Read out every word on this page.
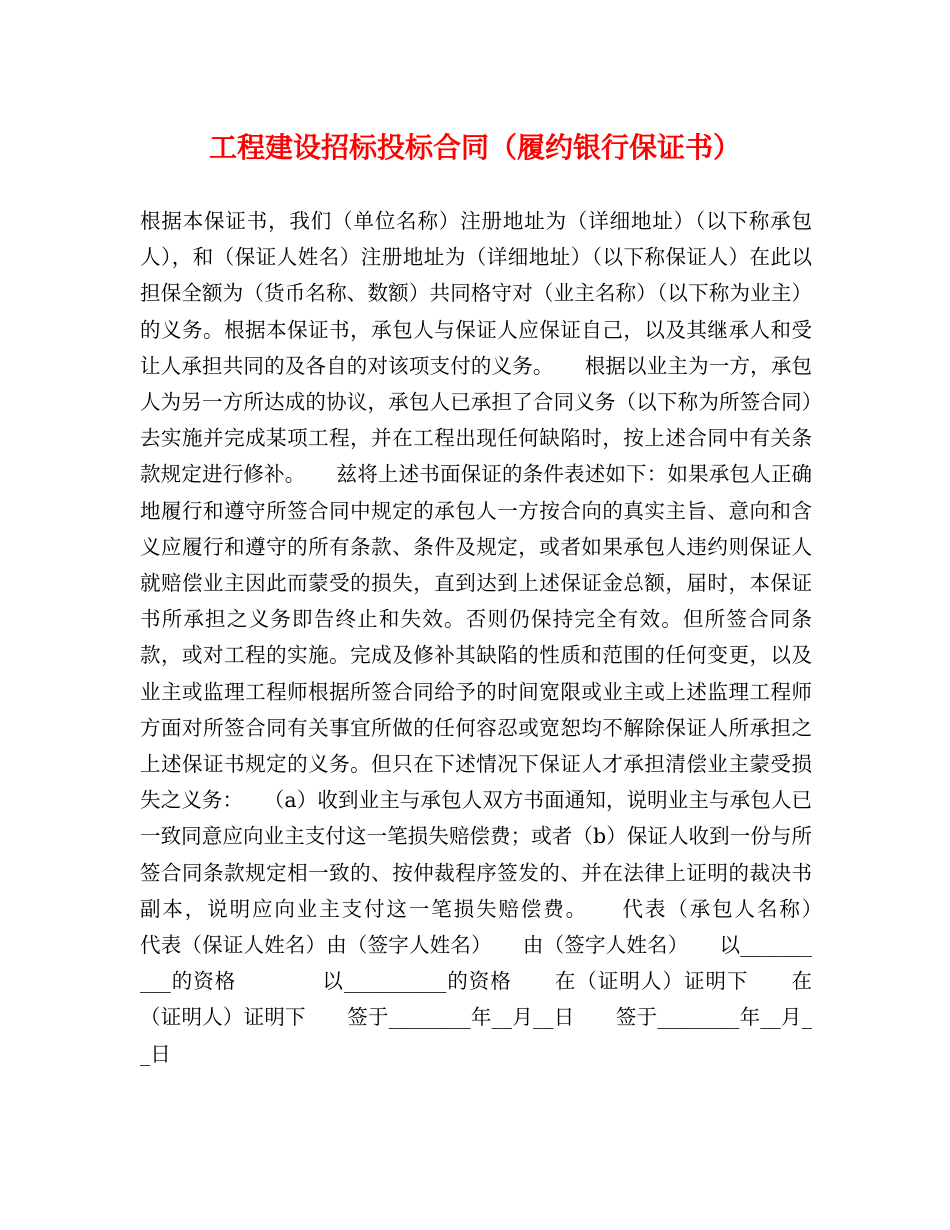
工程建设招标投标合同（履约银行保证书）

根据本保证书，我们（单位名称）注册地址为（详细地址）（以下称承包人），和（保证人姓名）注册地址为（详细地址）（以下称保证人）在此以担保全额为（货币名称、数额）共同格守对（业主名称）（以下称为业主）的义务。根据本保证书，承包人与保证人应保证自己，以及其继承人和受让人承担共同的及各自的对该项支付的义务。　　根据以业主为一方，承包人为另一方所达成的协议，承包人已承担了合同义务（以下称为所签合同）去实施并完成某项工程，并在工程出现任何缺陷时，按上述合同中有关条款规定进行修补。　　兹将上述书面保证的条件表述如下：如果承包人正确地履行和遵守所签合同中规定的承包人一方按合向的真实主旨、意向和含义应履行和遵守的所有条款、条件及规定，或者如果承包人违约则保证人就赔偿业主因此而蒙受的损失，直到达到上述保证金总额，届时，本保证书所承担之义务即告终止和失效。否则仍保持完全有效。但所签合同条款，或对工程的实施。完成及修补其缺陷的性质和范围的任何变更，以及业主或监理工程师根据所签合同给予的时间宽限或业主或上述监理工程师方面对所签合同有关事宜所做的任何容忍或宽恕均不解除保证人所承担之上述保证书规定的义务。但只在下述情况下保证人才承担清偿业主蒙受损失之义务：　　（a）收到业主与承包人双方书面通知，说明业主与承包人已一致同意应向业主支付这一笔损失赔偿费；或者（b）保证人收到一份与所签合同条款规定相一致的、按仲裁程序签发的、并在法律上证明的裁决书副本，说明应向业主支付这一笔损失赔偿费。　　代表（承包人名称）　　　　代表（保证人姓名）由（签字人姓名）　　由（签字人姓名）　　以__________的资格　　　　以__________的资格　　在（证明人）证明下　　在（证明人）证明下　　签于________年__月__日　　签于________年__月__日
